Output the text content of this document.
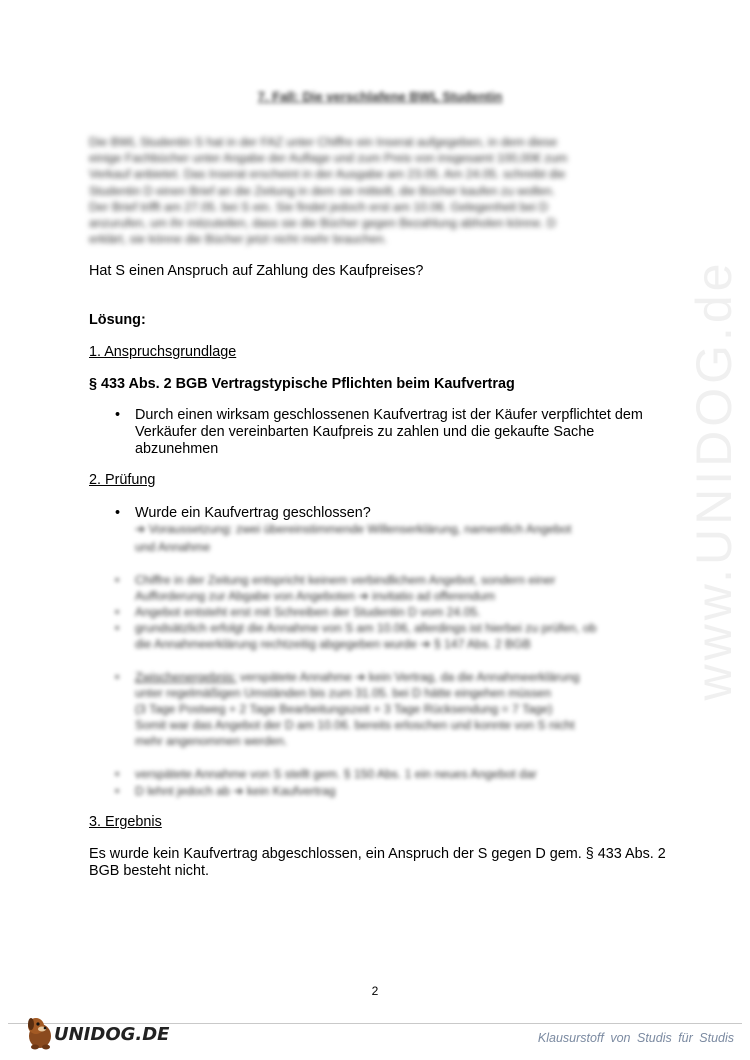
www.UNIDOG.de
7. Fall: Die verschlafene BWL Studentin
Die BWL Studentin S hat in der FAZ unter Chiffre ein Inserat aufgegeben, in dem diese
einige Fachbücher unter Angabe der Auflage und zum Preis von insgesamt 100,00€ zum
Verkauf anbietet. Das Inserat erscheint in der Ausgabe am 23.05. Am 24.05. schreibt die
Studentin D einen Brief an die Zeitung in dem sie mitteilt, die Bücher kaufen zu wollen.
Der Brief trifft am 27.05. bei S ein. Sie findet jedoch erst am 10.06. Gelegenheit bei D
anzurufen, um ihr mitzuteilen, dass sie die Bücher gegen Bezahlung abholen könne. D
erklärt, sie könne die Bücher jetzt nicht mehr brauchen.
Hat S einen Anspruch auf Zahlung des Kaufpreises?
Lösung:
1. Anspruchsgrundlage
§ 433 Abs. 2 BGB Vertragstypische Pflichten beim Kaufvertrag
• Durch einen wirksam geschlossenen Kaufvertrag ist der Käufer verpflichtet dem
Verkäufer den vereinbarten Kaufpreis zu zahlen und die gekaufte Sache
abzunehmen
2. Prüfung
• Wurde ein Kaufvertrag geschlossen?
➔ Voraussetzung: zwei übereinstimmende Willenserklärung, namentlich Angebot
und Annahme
• Chiffre in der Zeitung entspricht keinem verbindlichem Angebot, sondern einer
Aufforderung zur Abgabe von Angeboten ➔ invitatio ad offerendum
• Angebot entsteht erst mit Schreiben der Studentin D vom 24.05.
• grundsätzlich erfolgt die Annahme von S am 10.06, allerdings ist hierbei zu prüfen, ob
die Annahmeerklärung rechtzeitig abgegeben wurde ➔ § 147 Abs. 2 BGB
• Zwischenergebnis: verspätete Annahme ➔ kein Vertrag, da die Annahmeerklärung
unter regelmäßigen Umständen bis zum 31.05. bei D hätte eingehen müssen
(3 Tage Postweg + 2 Tage Bearbeitungszeit + 3 Tage Rücksendung = 7 Tage)
Somit war das Angebot der D am 10.06. bereits erloschen und konnte von S nicht
mehr angenommen werden.
• verspätete Annahme von S stellt gem. § 150 Abs. 1 ein neues Angebot dar
• D lehnt jedoch ab ➔ kein Kaufvertrag
3. Ergebnis
Es wurde kein Kaufvertrag abgeschlossen, ein Anspruch der S gegen D gem. § 433 Abs. 2
BGB besteht nicht.
2
UNIDOG.DE	Klausurstoff von Studis für Studis
